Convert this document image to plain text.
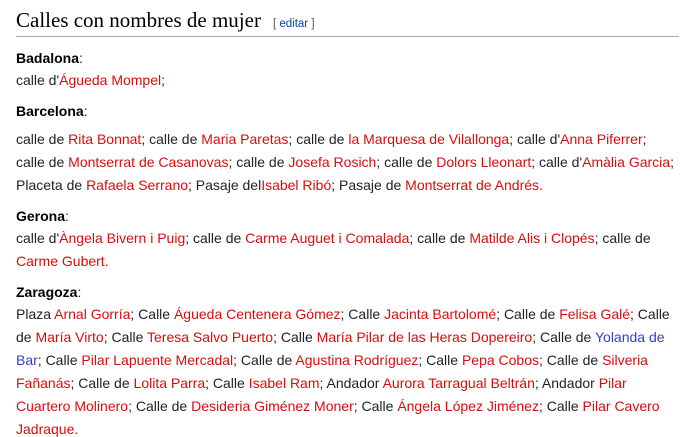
Calles con nombres de mujer [ editar ]
Badalona:

calle d'Águeda Mompel;

Barcelona:

calle de Rita Bonnat; calle de Maria Paretas; calle de la Marquesa de Vilallonga; calle d'Anna Piferrer; calle de Montserrat de Casanovas; calle de Josefa Rosich; calle de Dolors Lleonart; calle d'Amàlia Garcia; Placeta de Rafaela Serrano; Pasaje delIsabel Ribó; Pasaje de Montserrat de Andrés.

Gerona:

calle d'Àngela Bivern i Puig; calle de Carme Auguet i Comalada; calle de Matilde Alis i Clopés; calle de Carme Gubert.

Zaragoza:

Plaza Arnal Gorría; Calle Águeda Centenera Gómez; Calle Jacinta Bartolomé; Calle de Felisa Galé; Calle de María Virto; Calle Teresa Salvo Puerto; Calle María Pilar de las Heras Dopereiro; Calle de Yolanda de Bar; Calle Pilar Lapuente Mercadal; Calle de Agustina Rodríguez; Calle Pepa Cobos; Calle de Silveria Fañanás; Calle de Lolita Parra; Calle Isabel Ram; Andador Aurora Tarragual Beltrán; Andador Pilar Cuartero Molinero; Calle de Desideria Giménez Moner; Calle Ángela López Jiménez; Calle Pilar Cavero Jadraque.
